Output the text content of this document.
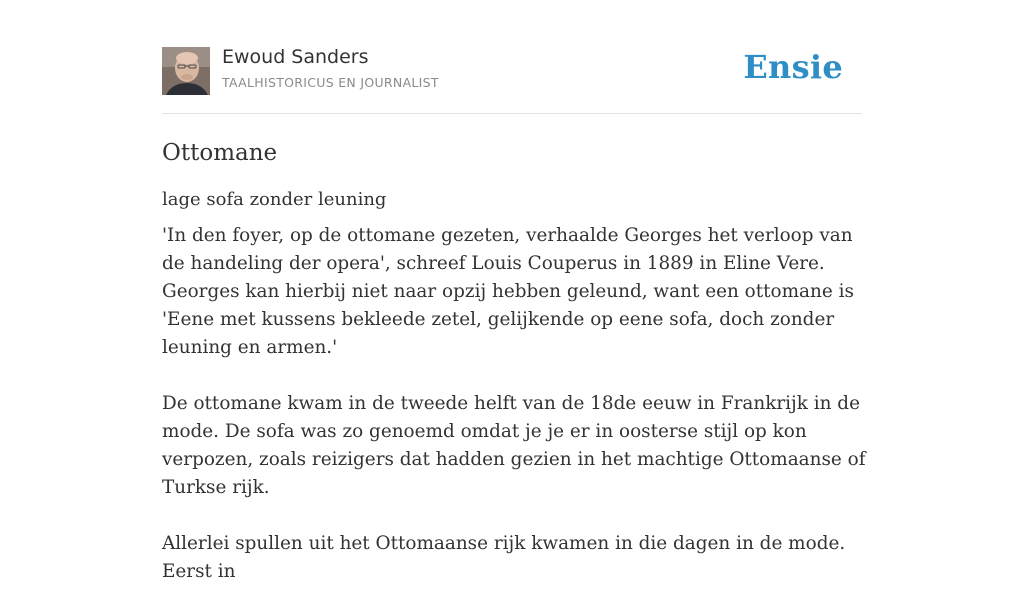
Ewoud Sanders
TAALHISTORICUS EN JOURNALIST	Ensie
Ottomane
lage sofa zonder leuning

'In den foyer, op de ottomane gezeten, verhaalde Georges het verloop van de handeling der opera', schreef Louis Couperus in 1889 in Eline Vere. Georges kan hierbij niet naar opzij hebben geleund, want een ottomane is 'Eene met kussens bekleede zetel, gelijkende op eene sofa, doch zonder leuning en armen.'

De ottomane kwam in de tweede helft van de 18de eeuw in Frankrijk in de mode. De sofa was zo genoemd omdat je je er in oosterse stijl op kon verpozen, zoals reizigers dat hadden gezien in het machtige Ottomaanse of Turkse rijk.

Allerlei spullen uit het Ottomaanse rijk kwamen in die dagen in de mode. Eerst in
